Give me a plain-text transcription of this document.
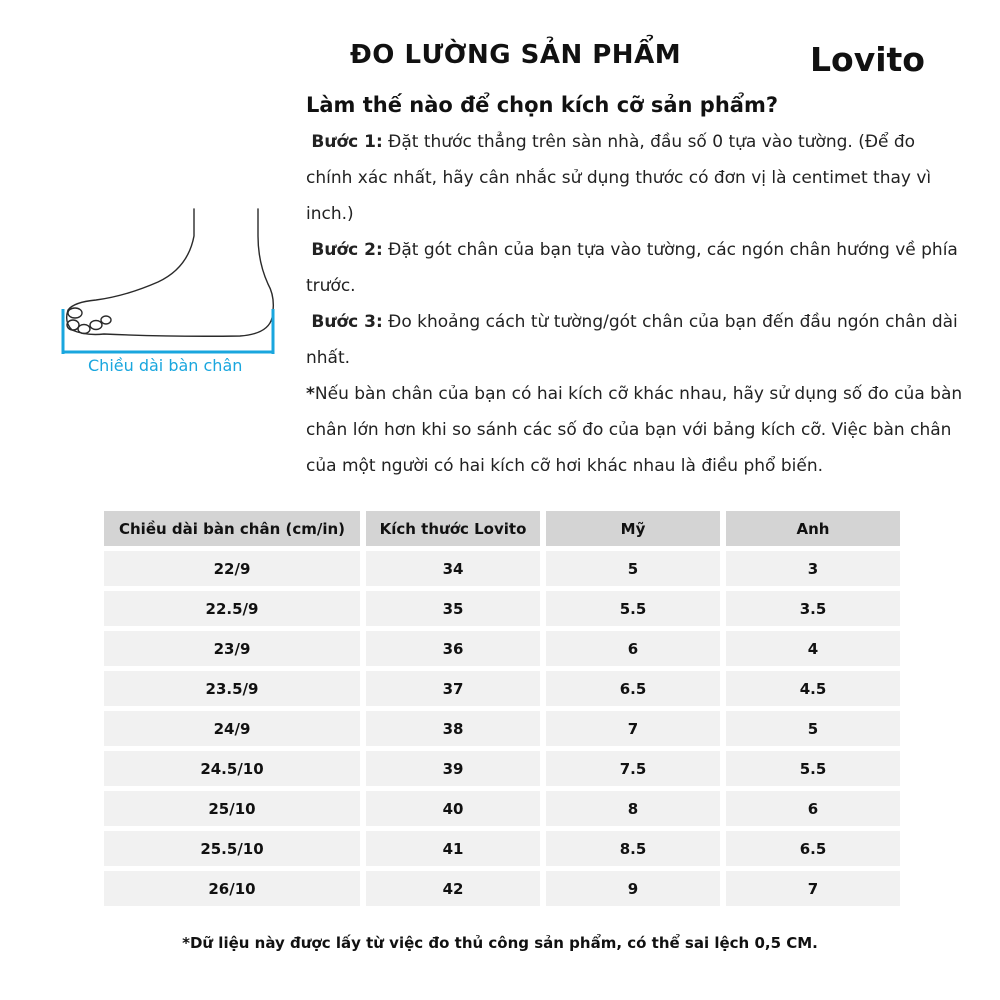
ĐO LƯỜNG SẢN PHẨM	Lovito
Làm thế nào để chọn kích cỡ sản phẩm?

Bước 1: Đặt thước thẳng trên sàn nhà, đầu số 0 tựa vào tường. (Để đo chính xác nhất, hãy cân nhắc sử dụng thước có đơn vị là centimet thay vì inch.)

Bước 2: Đặt gót chân của bạn tựa vào tường, các ngón chân hướng về phía trước.

Bước 3: Đo khoảng cách từ tường/gót chân của bạn đến đầu ngón chân dài nhất.

*Nếu bàn chân của bạn có hai kích cỡ khác nhau, hãy sử dụng số đo của bàn chân lớn hơn khi so sánh các số đo của bạn với bảng kích cỡ. Việc bàn chân của một người có hai kích cỡ hơi khác nhau là điều phổ biến.

Chiều dài bàn chân
Chiều dài bàn chân (cm/in)	Kích thước Lovito	Mỹ	Anh
22/9	34	5	3
22.5/9	35	5.5	3.5
23/9	36	6	4
23.5/9	37	6.5	4.5
24/9	38	7	5
24.5/10	39	7.5	5.5
25/10	40	8	6
25.5/10	41	8.5	6.5
26/10	42	9	7
*Dữ liệu này được lấy từ việc đo thủ công sản phẩm, có thể sai lệch 0,5 CM.
